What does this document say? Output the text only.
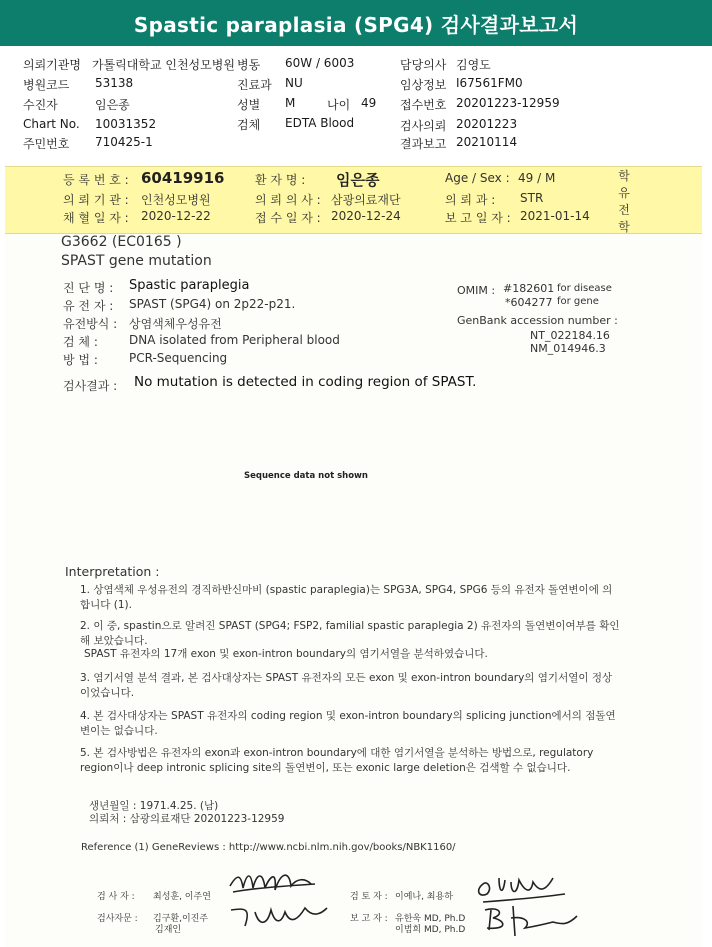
Spastic paraplasia (SPG4) 검사결과보고서
의뢰기관명 가톨릭대학교 인천성모병원 병동 60W / 6003	담당의사 김영도
병원코드 53138	진료과 NU	임상정보 I67561FM0
수진자	임은종	성별 M	나이 49 접수번호 20201223-12959
Chart No. 10031352	검체 EDTA Blood	검사의뢰 20201223
주민번호 710425-1	결과보고 20210114
등 록 번 호 : 60419916	환 자 명 : 임은종	Age / Sex : 49 / M
의 뢰 기 관 : 인천성모병원	의 뢰 의 사 : 삼광의료재단	의 뢰 과 : STR
채 혈 일 자 : 2020-12-22	접 수 일 자 : 2020-12-24	보 고 일 자 : 2021-01-14
학유전학
G3662 (EC0165 )
SPAST gene mutation
진 단 명 : Spastic paraplegia
유 전 자 : SPAST (SPG4) on 2p22-p21.
유전방식 : 상염색체우성유전
검 체 :	DNA isolated from Peripheral blood
방 법 :	PCR-Sequencing
OMIM : #182601 for disease
*604277 for gene
GenBank accession number :
NT_022184.16
NM_014946.3
검사결과 : No mutation is detected in coding region of SPAST.
Sequence data not shown
Interpretation :
1. 상염색체 우성유전의 경직하반신마비 (spastic paraplegia)는 SPG3A, SPG4, SPG6 등의 유전자 돌연변이에 의합니다 (1).
2. 이 중, spastin으로 알려진 SPAST (SPG4; FSP2, familial spastic paraplegia 2) 유전자의 돌연변이여부를 확인해 보았습니다.
SPAST 유전자의 17개 exon 및 exon-intron boundary의 염기서열을 분석하였습니다.
3. 염기서열 분석 결과, 본 검사대상자는 SPAST 유전자의 모든 exon 및 exon-intron boundary의 염기서열이 정상이었습니다.
4. 본 검사대상자는 SPAST 유전자의 coding region 및 exon-intron boundary의 splicing junction에서의 점돌연변이는 없습니다.
5. 본 검사방법은 유전자의 exon과 exon-intron boundary에 대한 염기서열을 분석하는 방법으로, regulatory region이나 deep intronic splicing site의 돌연변이, 또는 exonic large deletion은 검색할 수 없습니다.
생년월일 : 1971.4.25. (남)
의뢰처 : 삼광의료재단 20201223-12959
Reference (1) GeneReviews : http://www.ncbi.nlm.nih.gov/books/NBK1160/
검 사 자 : 최성훈, 이주연
검사자문 : 김구환,이진주
김재인
검 토 자 : 이예나, 최용하
보 고 자 : 유한욱 MD, Ph.D
이범희 MD, Ph.D
